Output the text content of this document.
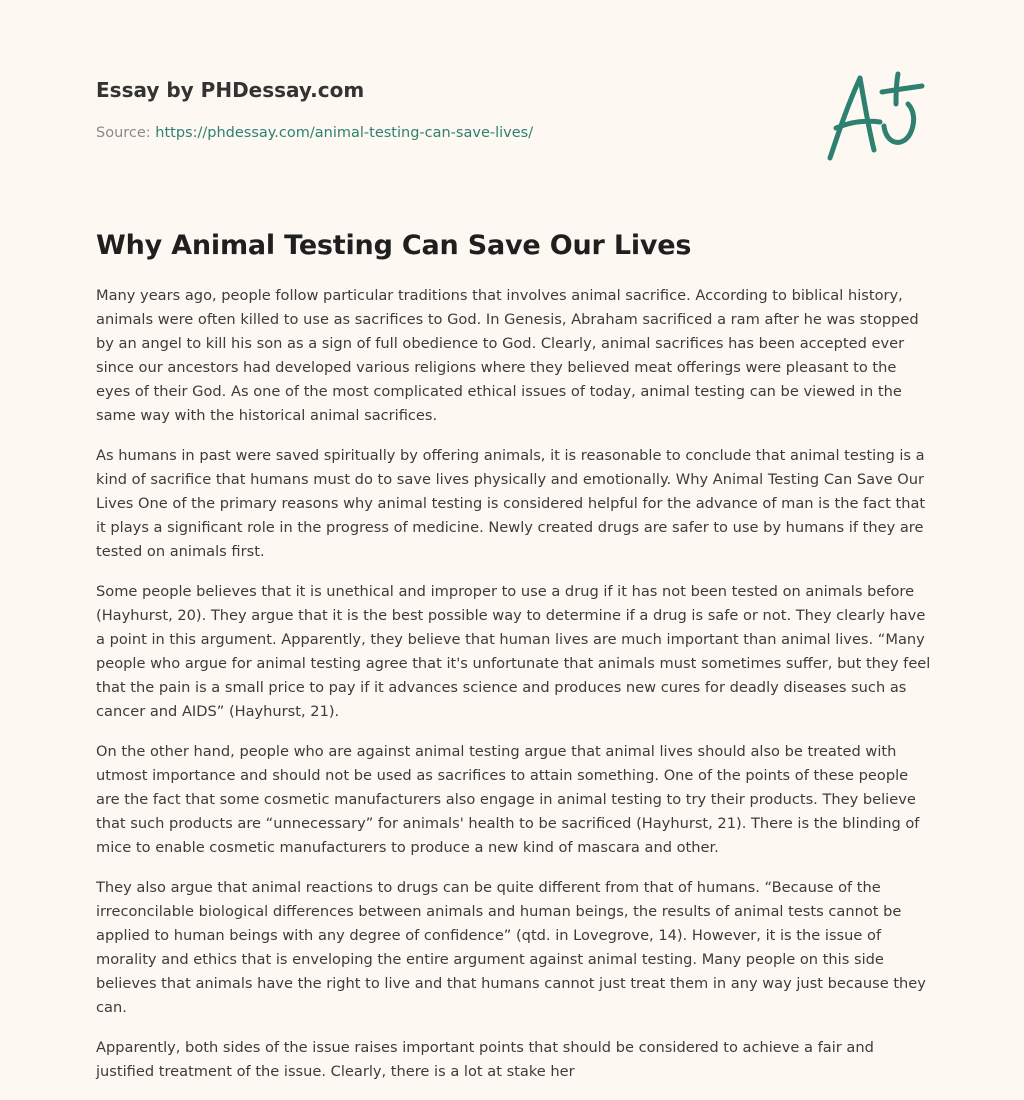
Essay by PHDessay.com
Source: https://phdessay.com/animal-testing-can-save-lives/
Why Animal Testing Can Save Our Lives

Many years ago, people follow particular traditions that involves animal sacrifice. According to biblical history, animals were often killed to use as sacrifices to God. In Genesis, Abraham sacrificed a ram after he was stopped by an angel to kill his son as a sign of full obedience to God. Clearly, animal sacrifices has been accepted ever since our ancestors had developed various religions where they believed meat offerings were pleasant to the eyes of their God. As one of the most complicated ethical issues of today, animal testing can be viewed in the same way with the historical animal sacrifices.

As humans in past were saved spiritually by offering animals, it is reasonable to conclude that animal testing is a kind of sacrifice that humans must do to save lives physically and emotionally. Why Animal Testing Can Save Our Lives One of the primary reasons why animal testing is considered helpful for the advance of man is the fact that it plays a significant role in the progress of medicine. Newly created drugs are safer to use by humans if they are tested on animals first.

Some people believes that it is unethical and improper to use a drug if it has not been tested on animals before (Hayhurst, 20). They argue that it is the best possible way to determine if a drug is safe or not. They clearly have a point in this argument. Apparently, they believe that human lives are much important than animal lives. “Many people who argue for animal testing agree that it's unfortunate that animals must sometimes suffer, but they feel that the pain is a small price to pay if it advances science and produces new cures for deadly diseases such as cancer and AIDS” (Hayhurst, 21).

On the other hand, people who are against animal testing argue that animal lives should also be treated with utmost importance and should not be used as sacrifices to attain something. One of the points of these people are the fact that some cosmetic manufacturers also engage in animal testing to try their products. They believe that such products are “unnecessary” for animals' health to be sacrificed (Hayhurst, 21). There is the blinding of mice to enable cosmetic manufacturers to produce a new kind of mascara and other.

They also argue that animal reactions to drugs can be quite different from that of humans. “Because of the irreconcilable biological differences between animals and human beings, the results of animal tests cannot be applied to human beings with any degree of confidence” (qtd. in Lovegrove, 14). However, it is the issue of morality and ethics that is enveloping the entire argument against animal testing. Many people on this side believes that animals have the right to live and that humans cannot just treat them in any way just because they can.

Apparently, both sides of the issue raises important points that should be considered to achieve a fair and justified treatment of the issue. Clearly, there is a lot at stake her
